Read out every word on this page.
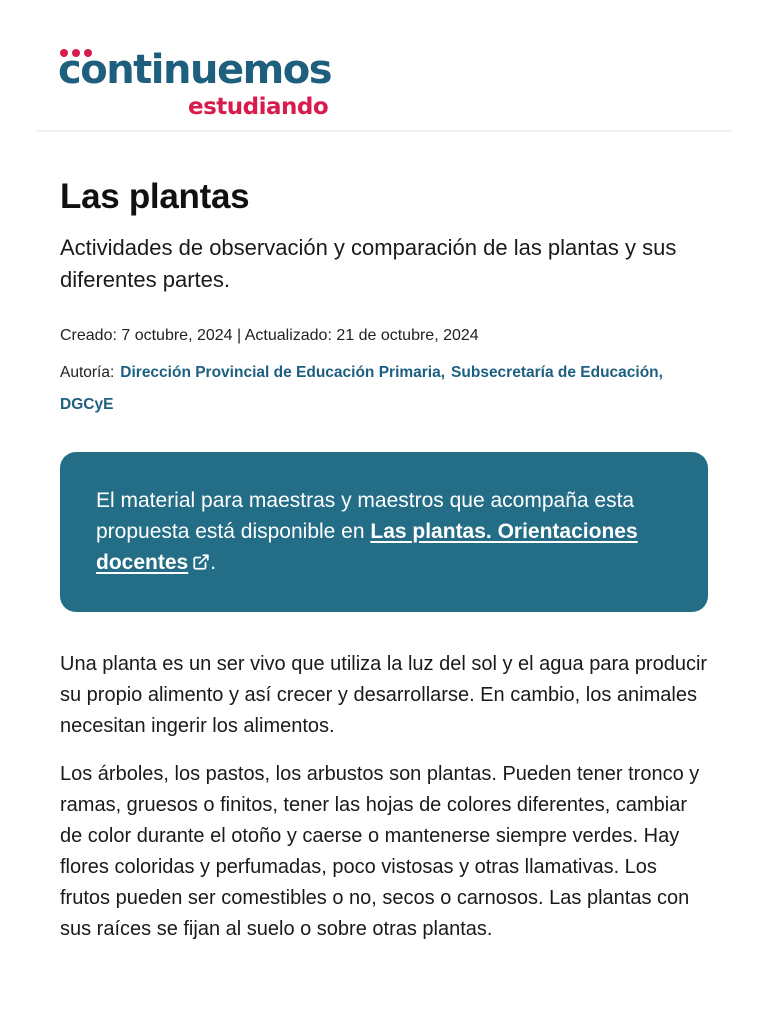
continuemos
estudiando
Las plantas

Actividades de observación y comparación de las plantas y sus diferentes partes.

Creado: 7 octubre, 2024 | Actualizado: 21 de octubre, 2024
Autoría: Dirección Provincial de Educación Primaria, Subsecretaría de Educación,
DGCyE
El material para maestras y maestros que acompaña esta propuesta está disponible en Las plantas. Orientaciones docentes .

Una planta es un ser vivo que utiliza la luz del sol y el agua para producir su propio alimento y así crecer y desarrollarse. En cambio, los animales necesitan ingerir los alimentos.

Los árboles, los pastos, los arbustos son plantas. Pueden tener tronco y ramas, gruesos o finitos, tener las hojas de colores diferentes, cambiar de color durante el otoño y caerse o mantenerse siempre verdes. Hay flores coloridas y perfumadas, poco vistosas y otras llamativas. Los frutos pueden ser comestibles o no, secos o carnosos. Las plantas con sus raíces se fijan al suelo o sobre otras plantas.
